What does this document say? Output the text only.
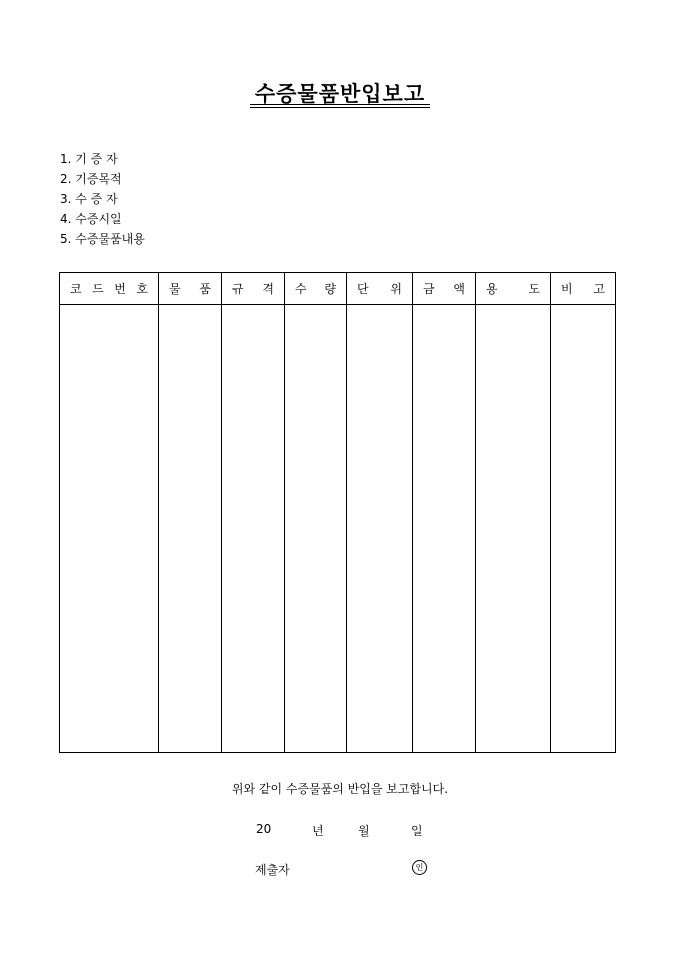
수증물품반입보고
1. 기 증 자
2. 기증목적
3. 수 증 자
4. 수증시일
5. 수증물품내용
코 드 번 호	물 품	규 격	수 량	단 위	금 액	용 도	비 고

위와 같이 수증물품의 반입을 보고합니다.
20	년	월	일
제출자	인
